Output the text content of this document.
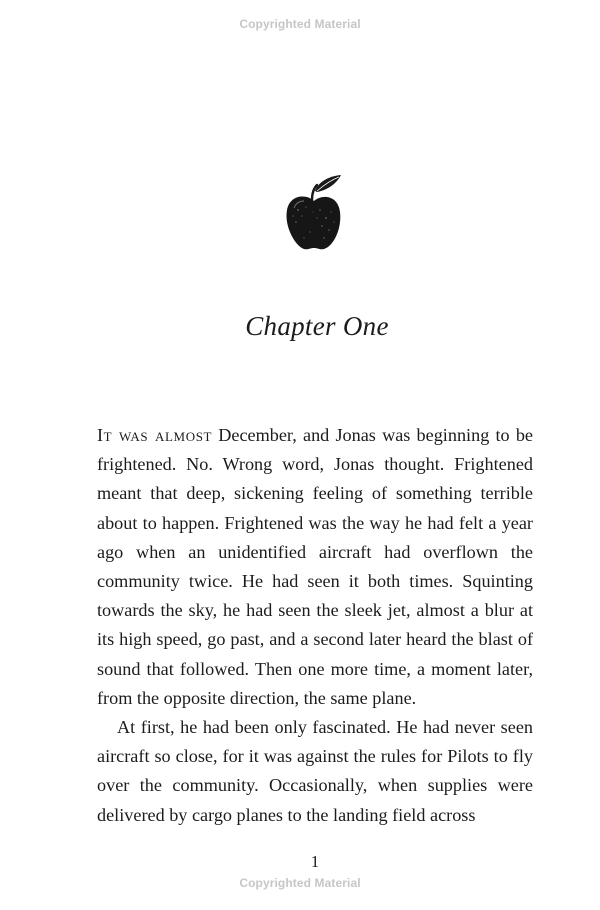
Copyrighted Material
Chapter One

It was almost December, and Jonas was beginning to be frightened. No. Wrong word, Jonas thought. Frightened meant that deep, sickening feeling of something terrible about to happen. Frightened was the way he had felt a year ago when an unidentified aircraft had overflown the community twice. He had seen it both times. Squinting towards the sky, he had seen the sleek jet, almost a blur at its high speed, go past, and a second later heard the blast of sound that followed. Then one more time, a moment later, from the opposite direction, the same plane.

At first, he had been only fascinated. He had never seen aircraft so close, for it was against the rules for Pilots to fly over the community. Occasionally, when supplies were delivered by cargo planes to the landing field across

1
Copyrighted Material
